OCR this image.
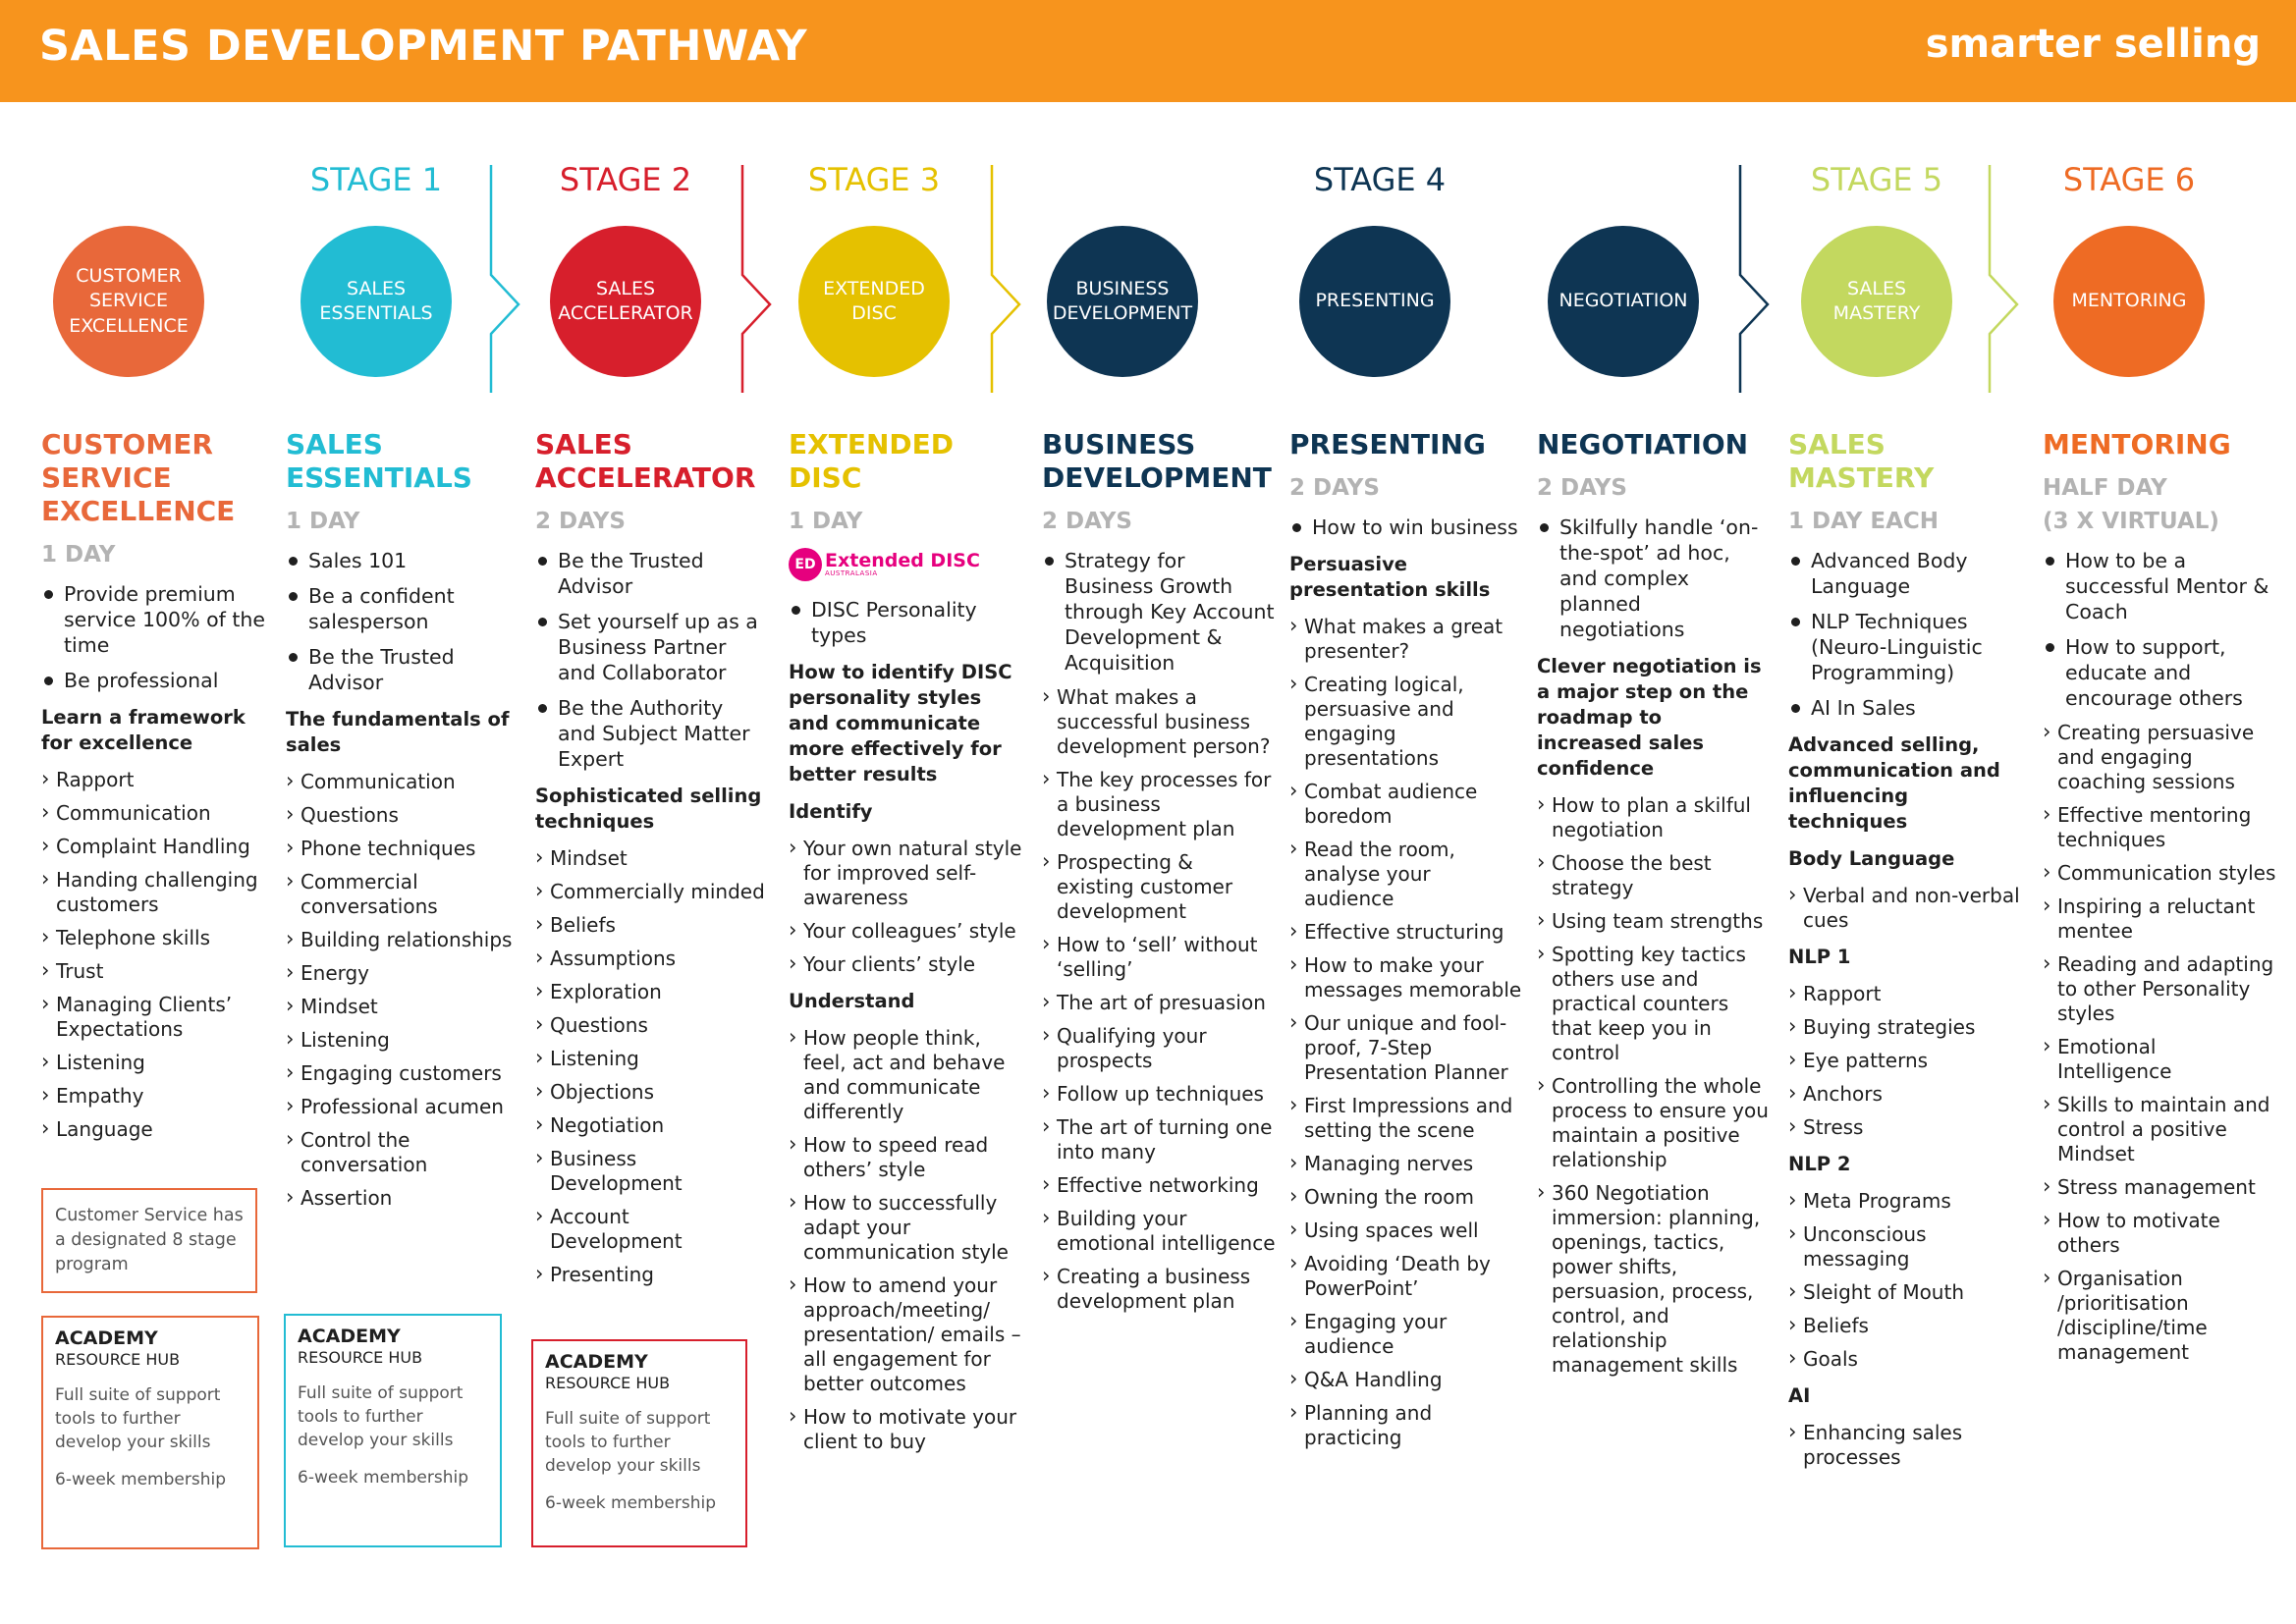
SALES DEVELOPMENT PATHWAY	smarter selling
STAGE 1	STAGE 2	STAGE 3	STAGE 4	STAGE 5	STAGE 6
CUSTOMER
SERVICE
EXCELLENCE
SALES
ESSENTIALS
SALES
ACCELERATOR
EXTENDED
DISC
BUSINESS
DEVELOPMENT
PRESENTING	NEGOTIATION
SALES
MASTERY
MENTORING
CUSTOMER
SERVICE
EXCELLENCE
1 DAY
Provide premium service 100% of the time
Be professional
Learn a framework for excellence
› Rapport
› Communication
› Complaint Handling
› Handing challenging customers
› Telephone skills
› Trust
› Managing Clients’ Expectations
› Listening
› Empathy
› Language
SALES
ESSENTIALS
1 DAY
Sales 101
Be a confident salesperson
Be the Trusted Advisor
The fundamentals of sales
› Communication
› Questions
› Phone techniques
› Commercial conversations
› Building relationships
› Energy
› Mindset
› Listening
› Engaging customers
› Professional acumen
› Control the conversation
› Assertion
SALES
ACCELERATOR
2 DAYS
Be the Trusted Advisor
Set yourself up as a Business Partner and Collaborator
Be the Authority and Subject Matter Expert
Sophisticated selling techniques
› Mindset
› Commercially minded
› Beliefs
› Assumptions
› Exploration
› Questions
› Listening
› Objections
› Negotiation
› Business Development
› Account Development
› Presenting
EXTENDED
DISC
1 DAY
ED Extended DISC
AUSTRALASIA
DISC Personality types
How to identify DISC personality styles and communicate more effectively for better results
Identify
› Your own natural style for improved self-awareness
› Your colleagues’ style
› Your clients’ style
Understand
› How people think, feel, act and behave and communicate differently
› How to speed read others’ style
› How to successfully adapt your communication style
› How to amend your approach/meeting/ presentation/ emails – all engagement for better outcomes
› How to motivate your client to buy
BUSINESS
DEVELOPMENT
2 DAYS
Strategy for Business Growth through Key Account Development & Acquisition
› What makes a successful business development person?
› The key processes for a business development plan
› Prospecting & existing customer development
› How to ‘sell’ without ‘selling’
› The art of presuasion
› Qualifying your prospects
› Follow up techniques
› The art of turning one into many
› Effective networking
› Building your emotional intelligence
› Creating a business development plan
PRESENTING
2 DAYS
How to win business
Persuasive presentation skills
› What makes a great presenter?
› Creating logical, persuasive and engaging presentations
› Combat audience boredom
› Read the room, analyse your audience
› Effective structuring
› How to make your messages memorable
› Our unique and fool-proof, 7-Step Presentation Planner
› First Impressions and setting the scene
› Managing nerves
› Owning the room
› Using spaces well
› Avoiding ‘Death by PowerPoint’
› Engaging your audience
› Q&A Handling
› Planning and practicing
NEGOTIATION
2 DAYS
Skilfully handle ‘on-the-spot’ ad hoc, and complex planned negotiations
Clever negotiation is a major step on the roadmap to increased sales confidence
› How to plan a skilful negotiation
› Choose the best strategy
› Using team strengths
› Spotting key tactics others use and practical counters that keep you in control
› Controlling the whole process to ensure you maintain a positive relationship
› 360 Negotiation immersion: planning, openings, tactics, power shifts, persuasion, process, control, and relationship management skills
SALES
MASTERY
1 DAY EACH
Advanced Body Language
NLP Techniques (Neuro-Linguistic Programming)
AI In Sales
Advanced selling, communication and influencing techniques
Body Language
› Verbal and non-verbal cues
NLP 1
› Rapport
› Buying strategies
› Eye patterns
› Anchors
› Stress
NLP 2
› Meta Programs
› Unconscious messaging
› Sleight of Mouth
› Beliefs
› Goals
AI
› Enhancing sales processes
MENTORING
HALF DAY
(3 X VIRTUAL)
How to be a successful Mentor & Coach
How to support, educate and encourage others
› Creating persuasive and engaging coaching sessions
› Effective mentoring techniques
› Communication styles
› Inspiring a reluctant mentee
› Reading and adapting to other Personality styles
› Emotional Intelligence
› Skills to maintain and control a positive Mindset
› Stress management
› How to motivate others
› Organisation /prioritisation /discipline/time management
Customer Service has a designated 8 stage program
ACADEMY
RESOURCE HUB
Full suite of support tools to further develop your skills
6-week membership
ACADEMY
RESOURCE HUB
Full suite of support tools to further develop your skills
6-week membership
ACADEMY
RESOURCE HUB
Full suite of support tools to further develop your skills
6-week membership
